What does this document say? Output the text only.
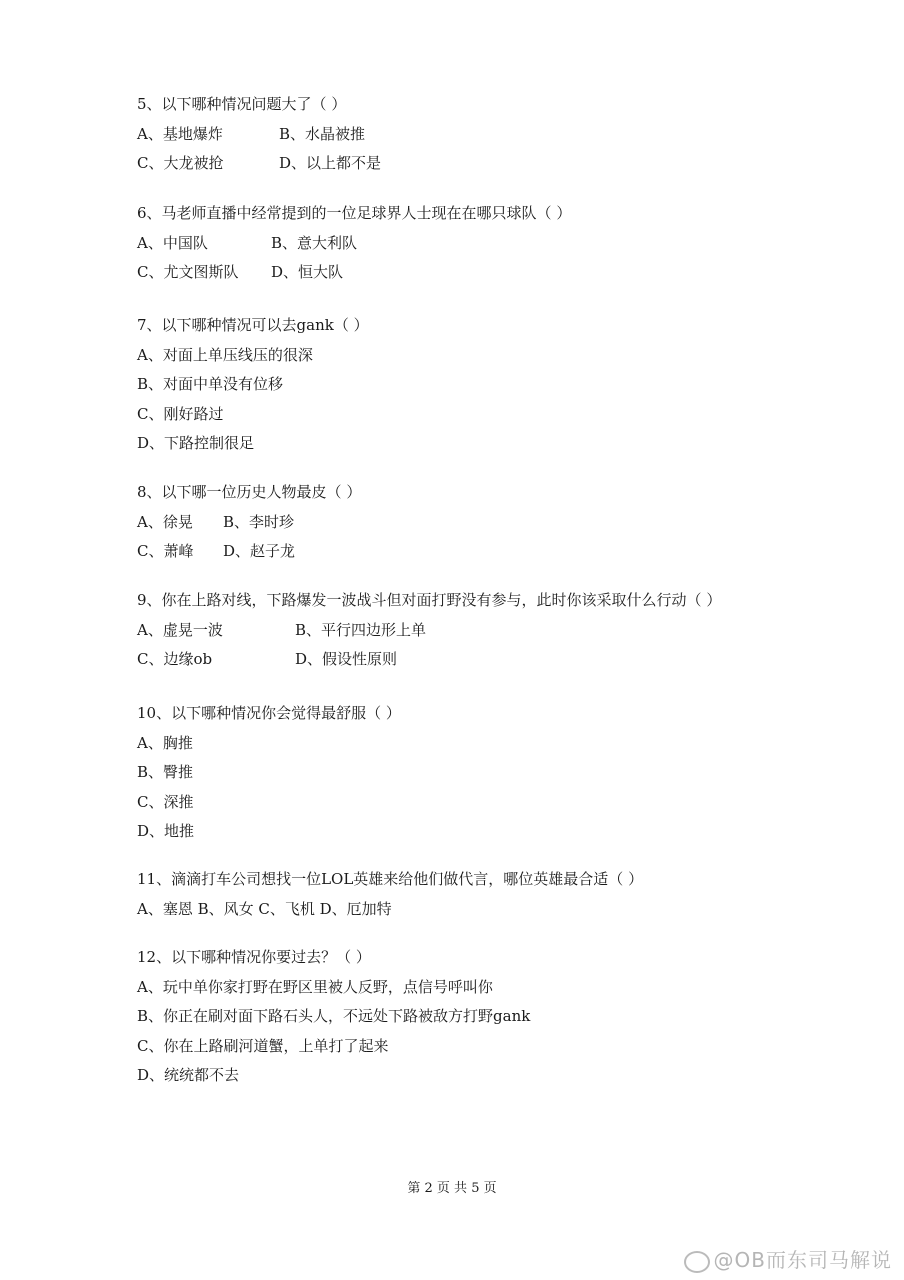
5、以下哪种情况问题大了（ ）
A、基地爆炸	B、水晶被推
C、大龙被抢	D、以上都不是
6、马老师直播中经常提到的一位足球界人士现在在哪只球队（ ）
A、中国队	B、意大利队
C、尤文图斯队 D、恒大队
7、以下哪种情况可以去gank（ ）
A、对面上单压线压的很深
B、对面中单没有位移
C、刚好路过
D、下路控制很足
8、以下哪一位历史人物最皮（ ）
A、徐晃 B、李时珍
C、萧峰 D、赵子龙
9、你在上路对线，下路爆发一波战斗但对面打野没有参与，此时你该采取什么行动（ ）
A、虚晃一波	B、平行四边形上单
C、边缘ob	D、假设性原则
10、以下哪种情况你会觉得最舒服（ ）
A、胸推
B、臀推
C、深推
D、地推
11、滴滴打车公司想找一位LOL英雄来给他们做代言，哪位英雄最合适（ ）
A、塞恩 B、风女 C、飞机 D、厄加特
12、以下哪种情况你要过去？（ ）
A、玩中单你家打野在野区里被人反野，点信号呼叫你
B、你正在刷对面下路石头人，不远处下路被敌方打野gank
C、你在上路刷河道蟹，上单打了起来
D、统统都不去
第 2 页 共 5 页
@OB而东司马解说
